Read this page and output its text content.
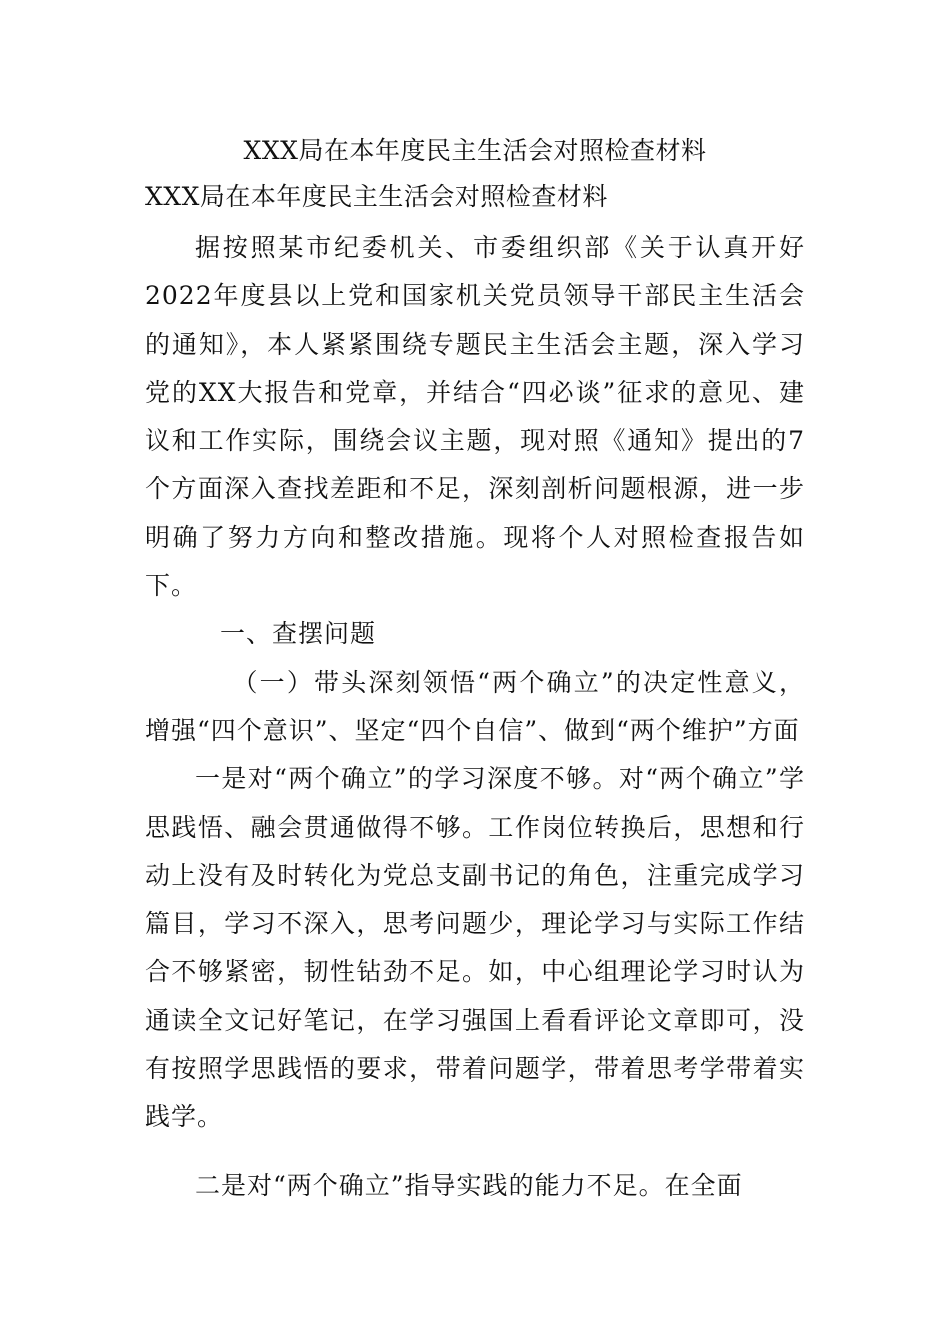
XXX局在本年度民主生活会对照检查材料
XXX局在本年度民主生活会对照检查材料

据按照某市纪委机关、市委组织部《关于认真开好2022年度县以上党和国家机关党员领导干部民主生活会的通知》，本人紧紧围绕专题民主生活会主题，深入学习党的XX大报告和党章，并结合“四必谈”征求的意见、建议和工作实际，围绕会议主题，现对照《通知》提出的7个方面深入查找差距和不足，深刻剖析问题根源，进一步明确了努力方向和整改措施。现将个人对照检查报告如下。

一、查摆问题

（一）带头深刻领悟“两个确立”的决定性意义，增强“四个意识”、坚定“四个自信”、做到“两个维护”方面

一是对“两个确立”的学习深度不够。对“两个确立”学思践悟、融会贯通做得不够。工作岗位转换后，思想和行动上没有及时转化为党总支副书记的角色，注重完成学习篇目，学习不深入，思考问题少，理论学习与实际工作结合不够紧密，韧性钻劲不足。如，中心组理论学习时认为通读全文记好笔记，在学习强国上看看评论文章即可，没有按照学思践悟的要求，带着问题学，带着思考学带着实践学。

二是对“两个确立”指导实践的能力不足。在全面
